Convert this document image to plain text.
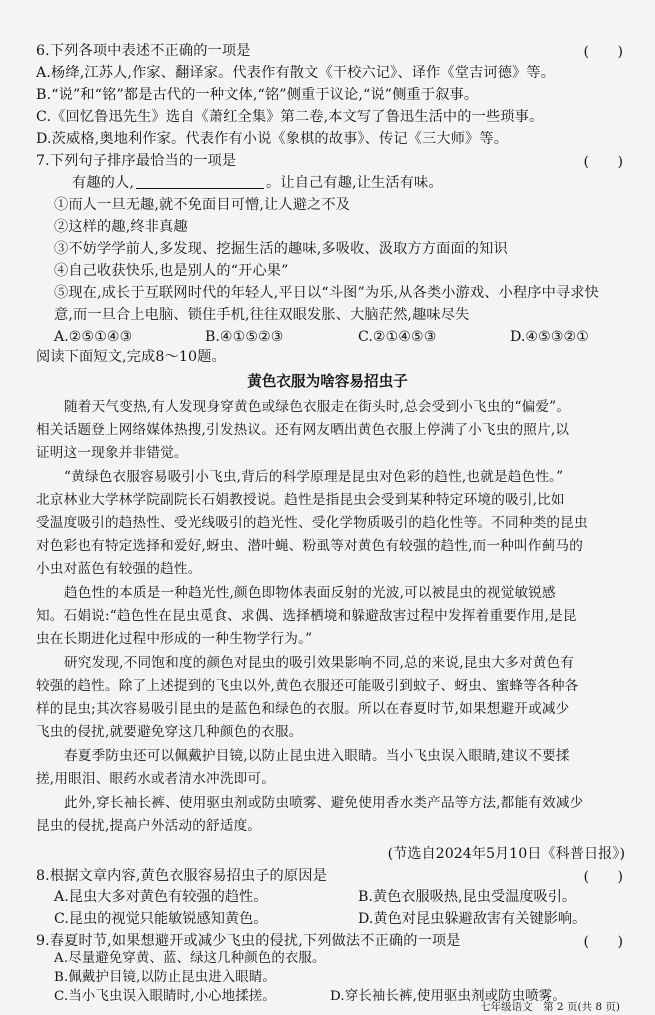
6.下列各项中表述不正确的一项是	(　　)
A.杨绛,江苏人,作家、翻译家。代表作有散文《干校六记》、译作《堂吉诃德》等。
B.“说”和“铭”都是古代的一种文体,“铭”侧重于议论,“说”侧重于叙事。
C.《回忆鲁迅先生》选自《萧红全集》第二卷,本文写了鲁迅生活中的一些琐事。
D.茨威格,奥地利作家。代表作有小说《象棋的故事》、传记《三大师》等。
7.下列句子排序最恰当的一项是	(　　)
有趣的人,	。让自己有趣,让生活有味。
①而人一旦无趣,就不免面目可憎,让人避之不及
②这样的趣,终非真趣
③不妨学学前人,多发现、挖掘生活的趣味,多吸收、汲取方方面面的知识
④自己收获快乐,也是别人的“开心果”
⑤现在,成长于互联网时代的年轻人,平日以“斗图”为乐,从各类小游戏、小程序中寻求快
意,而一旦合上电脑、锁住手机,往往双眼发胀、大脑茫然,趣味尽失
A.②⑤①④③	B.④①⑤②③	C.②①④⑤③	D.④⑤③②①
阅读下面短文,完成8～10题。
黄色衣服为啥容易招虫子
随着天气变热,有人发现身穿黄色或绿色衣服走在街头时,总会受到小飞虫的“偏爱”。
相关话题登上网络媒体热搜,引发热议。还有网友晒出黄色衣服上停满了小飞虫的照片,以
证明这一现象并非错觉。
“黄绿色衣服容易吸引小飞虫,背后的科学原理是昆虫对色彩的趋性,也就是趋色性。”
北京林业大学林学院副院长石娟教授说。趋性是指昆虫会受到某种特定环境的吸引,比如
受温度吸引的趋热性、受光线吸引的趋光性、受化学物质吸引的趋化性等。不同种类的昆虫
对色彩也有特定选择和爱好,蚜虫、潜叶蝇、粉虱等对黄色有较强的趋性,而一种叫作蓟马的
小虫对蓝色有较强的趋性。
趋色性的本质是一种趋光性,颜色即物体表面反射的光波,可以被昆虫的视觉敏锐感
知。石娟说:“趋色性在昆虫觅食、求偶、选择栖境和躲避敌害过程中发挥着重要作用,是昆
虫在长期进化过程中形成的一种生物学行为。”
研究发现,不同饱和度的颜色对昆虫的吸引效果影响不同,总的来说,昆虫大多对黄色有
较强的趋性。除了上述提到的飞虫以外,黄色衣服还可能吸引到蚊子、蚜虫、蜜蜂等各种各
样的昆虫;其次容易吸引昆虫的是蓝色和绿色的衣服。所以在春夏时节,如果想避开或减少
飞虫的侵扰,就要避免穿这几种颜色的衣服。
春夏季防虫还可以佩戴护目镜,以防止昆虫进入眼睛。当小飞虫误入眼睛,建议不要揉
搓,用眼泪、眼药水或者清水冲洗即可。
此外,穿长袖长裤、使用驱虫剂或防虫喷雾、避免使用香水类产品等方法,都能有效减少
昆虫的侵扰,提高户外活动的舒适度。
(节选自2024年5月10日《科普日报》)
8.根据文章内容,黄色衣服容易招虫子的原因是	(　　)
A.昆虫大多对黄色有较强的趋性。	B.黄色衣服吸热,昆虫受温度吸引。
C.昆虫的视觉只能敏锐感知黄色。	D.黄色对昆虫躲避敌害有关键影响。
9.春夏时节,如果想避开或减少飞虫的侵扰,下列做法不正确的一项是	(　　)
A.尽量避免穿黄、蓝、绿这几种颜色的衣服。
B.佩戴护目镜,以防止昆虫进入眼睛。
C.当小飞虫误入眼睛时,小心地揉搓。	D.穿长袖长裤,使用驱虫剂或防虫喷雾。
七年级语文　第 2 页(共 8 页)
